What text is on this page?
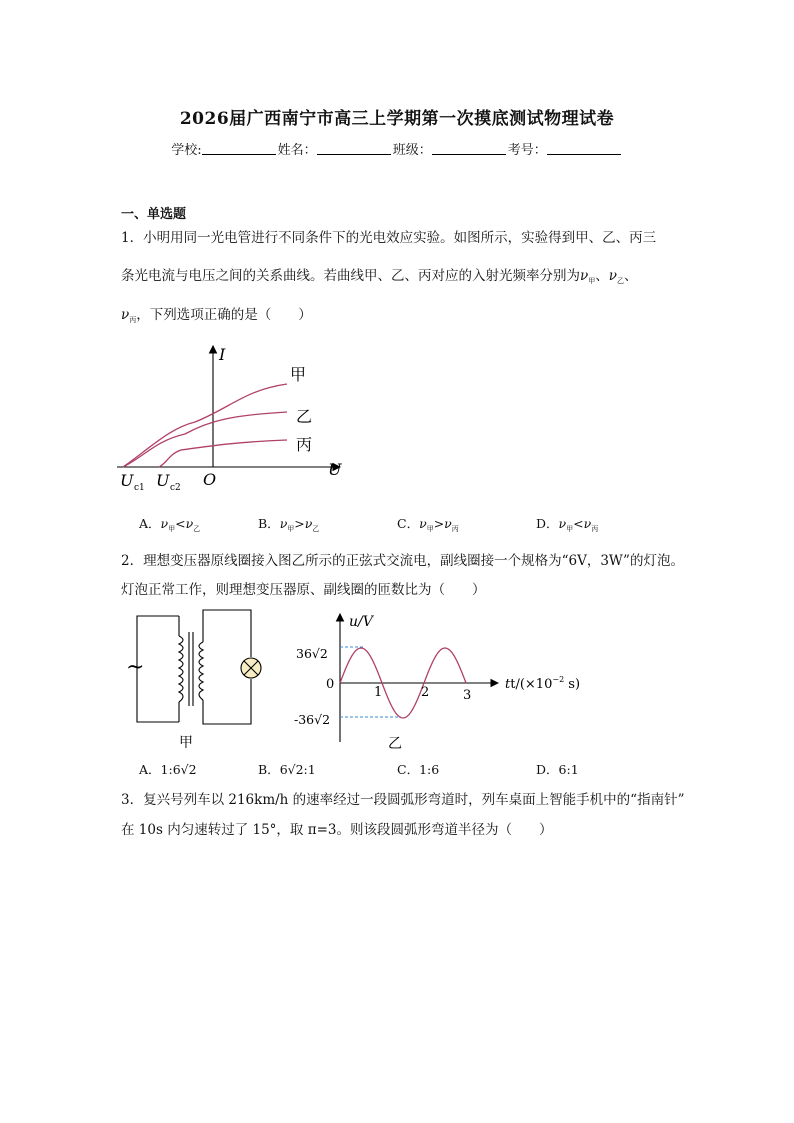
2026届广西南宁市高三上学期第一次摸底测试物理试卷
学校:	姓名：	班级：	考号：
一、单选题
1．小明用同一光电管进行不同条件下的光电效应实验。如图所示，实验得到甲、乙、丙三
条光电流与电压之间的关系曲线。若曲线甲、乙、丙对应的入射光频率分别为$\nu_甲$、$\nu_乙$、
$\nu_丙$，下列选项正确的是（　　）
I
U
O
U c1 U c2
甲
乙
丙
A．$\nu_甲<\nu_乙$	B．$\nu_甲>\nu_乙$	C．$\nu_甲>\nu_丙$	D．$\nu_甲<\nu_丙$
2．理想变压器原线圈接入图乙所示的正弦式交流电，副线圈接一个规格为“6V，3W”的灯泡。
灯泡正常工作，则理想变压器原、副线圈的匝数比为（　　）
~
甲
u/V
36√2
-36√2
0
1	2	3
$tt/(\times 10^{-2}$ s)
乙
A．1:6√2	B．6√2:1	C．1:6	D．6:1
3．复兴号列车以 216km/h 的速率经过一段圆弧形弯道时，列车桌面上智能手机中的“指南针”
在 10s 内匀速转过了 15°，取 π=3。则该段圆弧形弯道半径为（　　）
